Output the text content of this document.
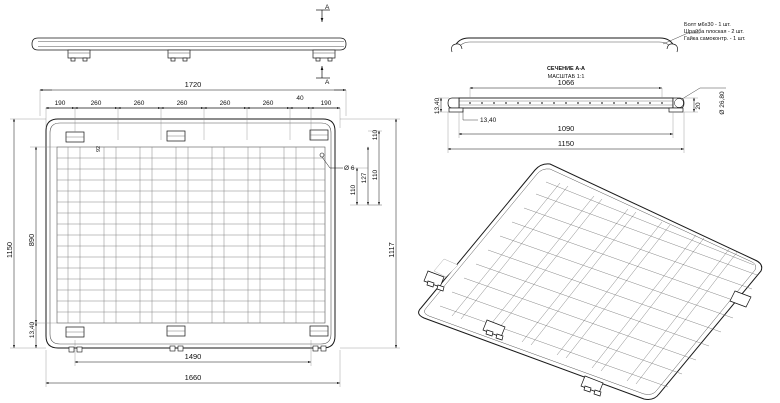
1720
190	260	260	260	260	260
40
190
1490
1660
1150
890
13,40
1117
110
127
110
110
Ø 6
92
A
A
Болт м6х30 - 1 шт.
Шрайба плоская - 2 шт.
Гайка самоконтр. - 1 шт.
СЕЧЕНИЕ А-А
МАСШТАБ 1:1
1066
1090
1150
13,40
13,40
20	Ø 26,80
